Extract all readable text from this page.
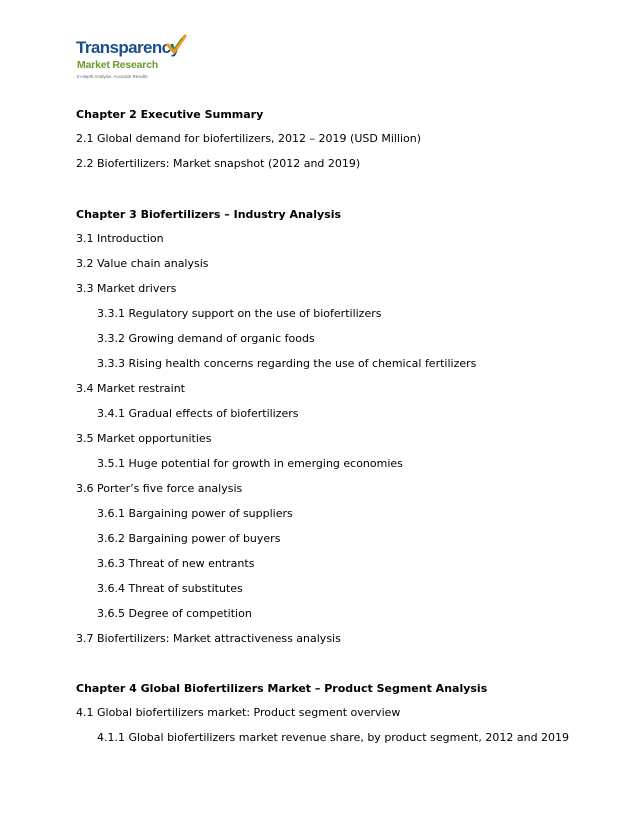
Transparency
Market Research
In-depth Analysis. Accurate Results
Chapter 2 Executive Summary
2.1 Global demand for biofertilizers, 2012 – 2019 (USD Million)
2.2 Biofertilizers: Market snapshot (2012 and 2019)
Chapter 3 Biofertilizers – Industry Analysis
3.1 Introduction
3.2 Value chain analysis
3.3 Market drivers
3.3.1 Regulatory support on the use of biofertilizers
3.3.2 Growing demand of organic foods
3.3.3 Rising health concerns regarding the use of chemical fertilizers
3.4 Market restraint
3.4.1 Gradual effects of biofertilizers
3.5 Market opportunities
3.5.1 Huge potential for growth in emerging economies
3.6 Porter’s five force analysis
3.6.1 Bargaining power of suppliers
3.6.2 Bargaining power of buyers
3.6.3 Threat of new entrants
3.6.4 Threat of substitutes
3.6.5 Degree of competition
3.7 Biofertilizers: Market attractiveness analysis
Chapter 4 Global Biofertilizers Market – Product Segment Analysis
4.1 Global biofertilizers market: Product segment overview
4.1.1 Global biofertilizers market revenue share, by product segment, 2012 and 2019
